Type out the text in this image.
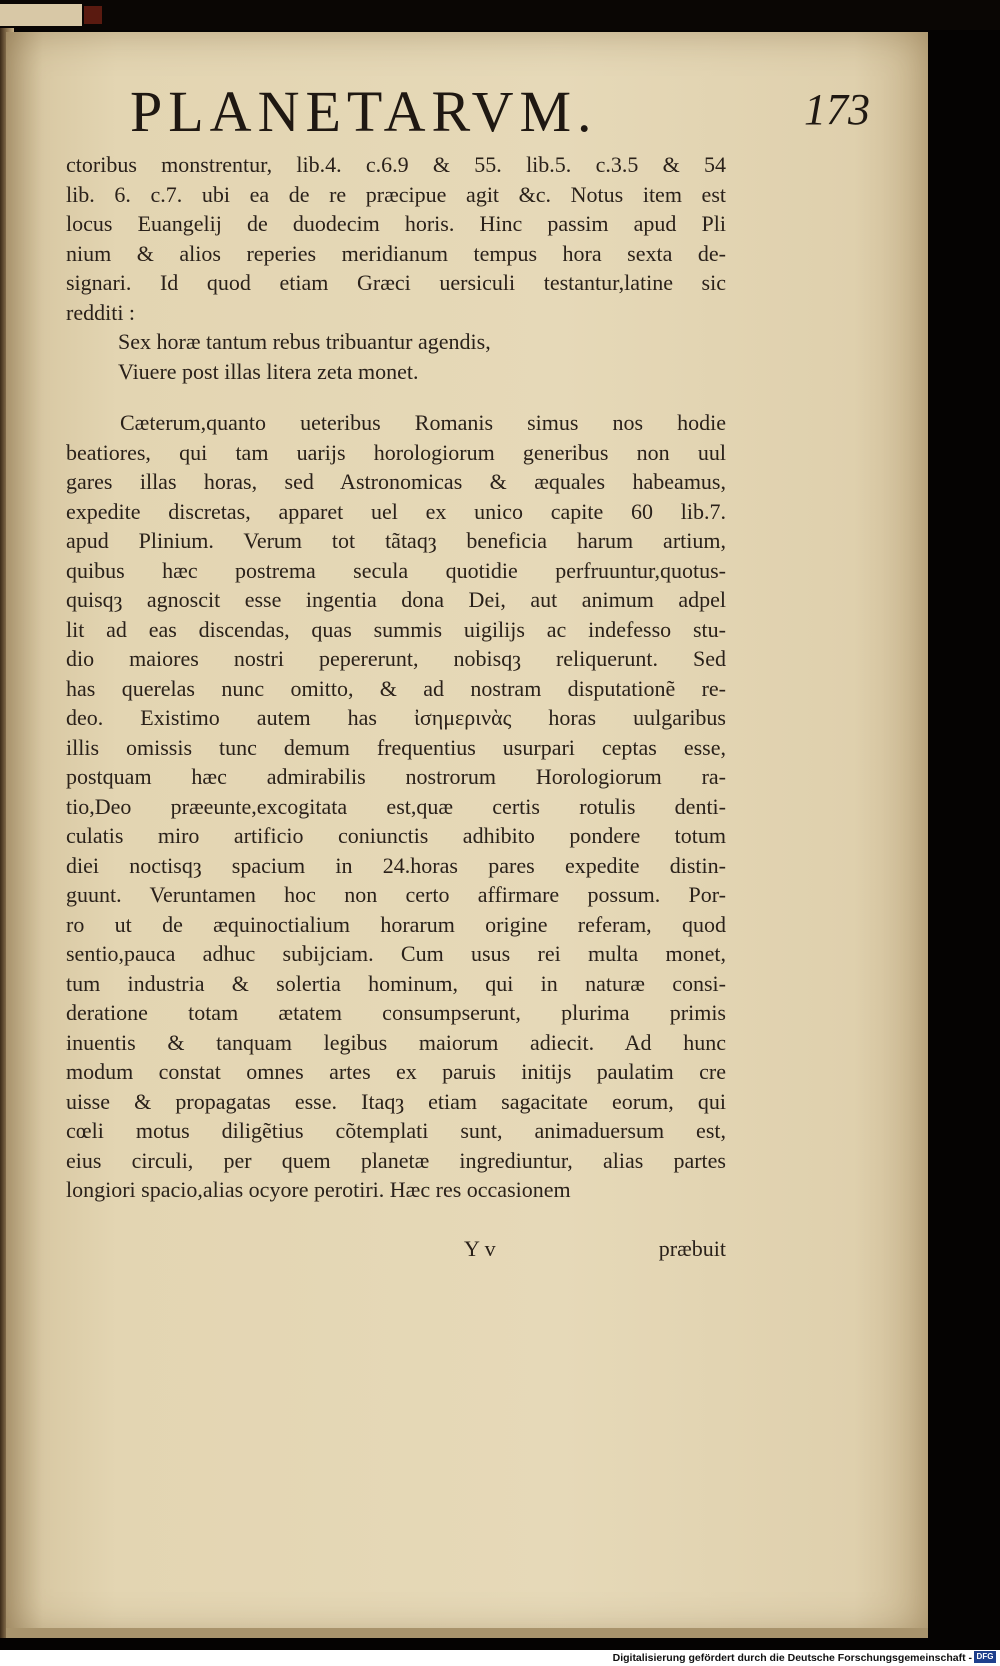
PLANETARVM.	173
ctoribus monstrentur, lib.4. c.6.9 & 55. lib.5. c.3.5 & 54
lib. 6. c.7. ubi ea de re præcipue agit &c. Notus item est
locus Euangelij de duodecim horis. Hinc passim apud Pli
nium & alios reperies meridianum tempus hora sexta de-
signari. Id quod etiam Græci uersiculi testantur,latine sic
redditi :
Sex horæ tantum rebus tribuantur agendis,
Viuere post illas litera zeta monet.
Cæterum,quanto ueteribus Romanis simus nos hodie
beatiores, qui tam uarijs horologiorum generibus non uul
gares illas horas, sed Astronomicas & æquales habeamus,
expedite discretas, apparet uel ex unico capite 60 lib.7.
apud Plinium. Verum tot tãtaqȝ beneficia harum artium,
quibus hæc postrema secula quotidie perfruuntur,quotus-
quisqȝ agnoscit esse ingentia dona Dei, aut animum adpel
lit ad eas discendas, quas summis uigilijs ac indefesso stu-
dio maiores nostri pepererunt, nobisqȝ reliquerunt. Sed
has querelas nunc omitto, & ad nostram disputationẽ re-
deo. Existimo autem has ἰσημερινὰς horas uulgaribus
illis omissis tunc demum frequentius usurpari ceptas esse,
postquam hæc admirabilis nostrorum Horologiorum ra-
tio,Deo præeunte,excogitata est,quæ certis rotulis denti-
culatis miro artificio coniunctis adhibito pondere totum
diei noctisqȝ spacium in 24.horas pares expedite distin-
guunt. Veruntamen hoc non certo affirmare possum. Por-
ro ut de æquinoctialium horarum origine referam, quod
sentio,pauca adhuc subijciam. Cum usus rei multa monet,
tum industria & solertia hominum, qui in naturæ consi-
deratione totam ætatem consumpserunt, plurima primis
inuentis & tanquam legibus maiorum adiecit. Ad hunc
modum constat omnes artes ex paruis initijs paulatim cre
uisse & propagatas esse. Itaqȝ etiam sagacitate eorum, qui
cœli motus diligẽtius cõtemplati sunt, animaduersum est,
eius circuli, per quem planetæ ingrediuntur, alias partes
longiori spacio,alias ocyore perotiri. Hæc res occasionem
Y v	præbuit
Digitalisierung gefördert durch die Deutsche Forschungsgemeinschaft - DFG
